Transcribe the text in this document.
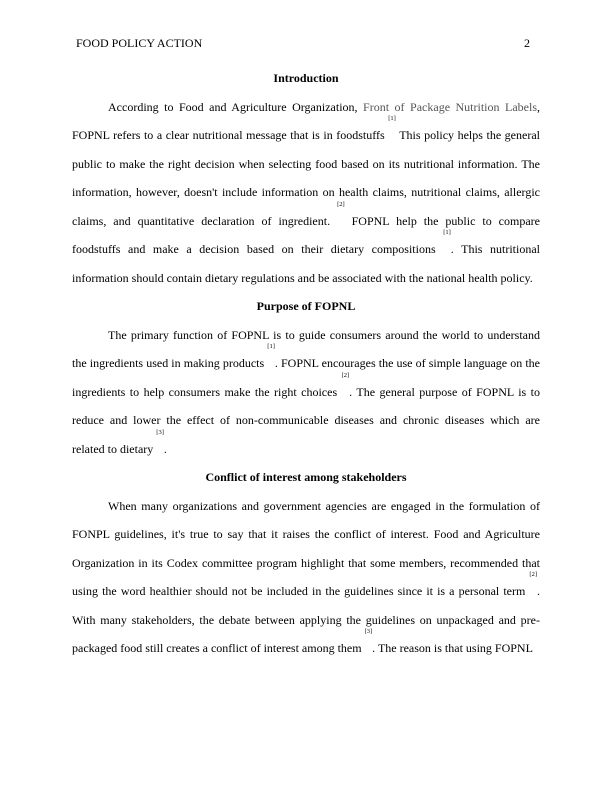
FOOD POLICY ACTION	2
Introduction

According to Food and Agriculture Organization, Front of Package Nutrition Labels, FOPNL refers to a clear nutritional message that is in foodstuffs [1] This policy helps the general public to make the right decision when selecting food based on its nutritional information. The information, however, doesn't include information on health claims, nutritional claims, allergic claims, and quantitative declaration of ingredient. [2] FOPNL help the public to compare foodstuffs and make a decision based on their dietary compositions [1]. This nutritional information should contain dietary regulations and be associated with the national health policy.

Purpose of FOPNL

The primary function of FOPNL is to guide consumers around the world to understand the ingredients used in making products [1]. FOPNL encourages the use of simple language on the ingredients to help consumers make the right choices [2]. The general purpose of FOPNL is to reduce and lower the effect of non-communicable diseases and chronic diseases which are related to dietary [3].

Conflict of interest among stakeholders

When many organizations and government agencies are engaged in the formulation of FONPL guidelines, it's true to say that it raises the conflict of interest. Food and Agriculture Organization in its Codex committee program highlight that some members, recommended that using the word healthier should not be included in the guidelines since it is a personal term [2]. With many stakeholders, the debate between applying the guidelines on unpackaged and pre-packaged food still creates a conflict of interest among them [3]. The reason is that using FOPNL
